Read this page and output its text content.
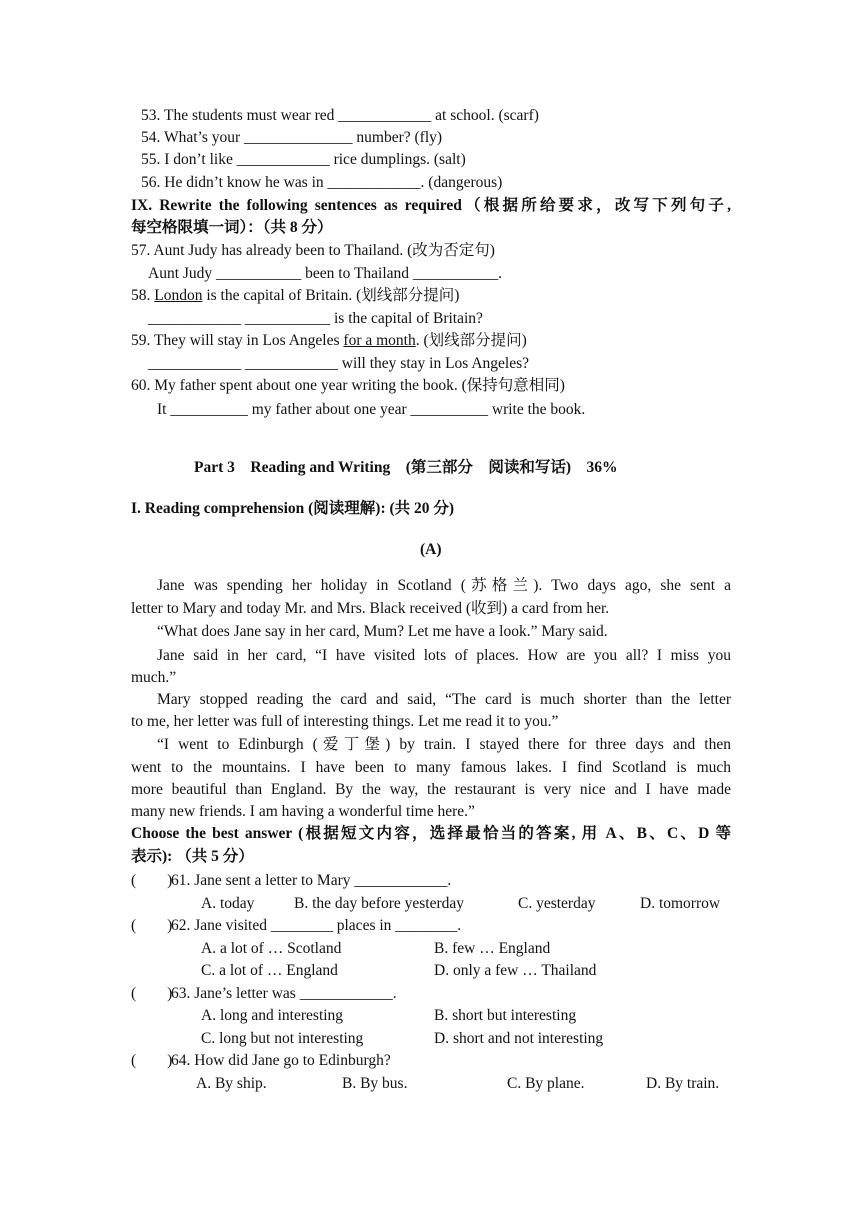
53. The students must wear red ____________ at school. (scarf)
54. What’s your ______________ number? (fly)
55. I don’t like ____________ rice dumplings. (salt)
56. He didn’t know he was in ____________. (dangerous)
IX. Rewrite the following sentences as required（根据所给要求，改写下列句子,
每空格限填一词）：（共 8 分）
57. Aunt Judy has already been to Thailand. (改为否定句)
Aunt Judy ___________ been to Thailand ___________.
58. London is the capital of Britain. (划线部分提问)
____________ ___________ is the capital of Britain?
59. They will stay in Los Angeles for a month. (划线部分提问)
____________ ____________ will they stay in Los Angeles?
60. My father spent about one year writing the book. (保持句意相同)
It __________ my father about one year __________ write the book.
Part 3    Reading and Writing    (第三部分    阅读和写话)    36%
I. Reading comprehension (阅读理解): (共 20 分)
(A)
Jane was spending her holiday in Scotland (苏格兰). Two days ago, she sent a
letter to Mary and today Mr. and Mrs. Black received (收到) a card from her.
“What does Jane say in her card, Mum? Let me have a look.” Mary said.
Jane said in her card, “I have visited lots of places. How are you all? I miss you
much.”
Mary stopped reading the card and said, “The card is much shorter than the letter
to me, her letter was full of interesting things. Let me read it to you.”
“I went to Edinburgh (爱丁堡) by train. I stayed there for three days and then
went to the mountains. I have been to many famous lakes. I find Scotland is much
more beautiful than England. By the way, the restaurant is very nice and I have made
many new friends. I am having a wonderful time here.”
Choose the best answer (根据短文内容，选择最恰当的答案, 用 A、B、C、D 等
表示): （共 5 分）
(        )
61. Jane sent a letter to Mary ____________.
A. today	B. the day before yesterday	C. yesterday	D. tomorrow
(        )
62. Jane visited ________ places in ________.
A. a lot of … Scotland	B. few … England
C. a lot of … England	D. only a few … Thailand
(        )
63. Jane’s letter was ____________.
A. long and interesting	B. short but interesting
C. long but not interesting	D. short and not interesting
(        )
64. How did Jane go to Edinburgh?
A. By ship.	B. By bus.	C. By plane.	D. By train.
